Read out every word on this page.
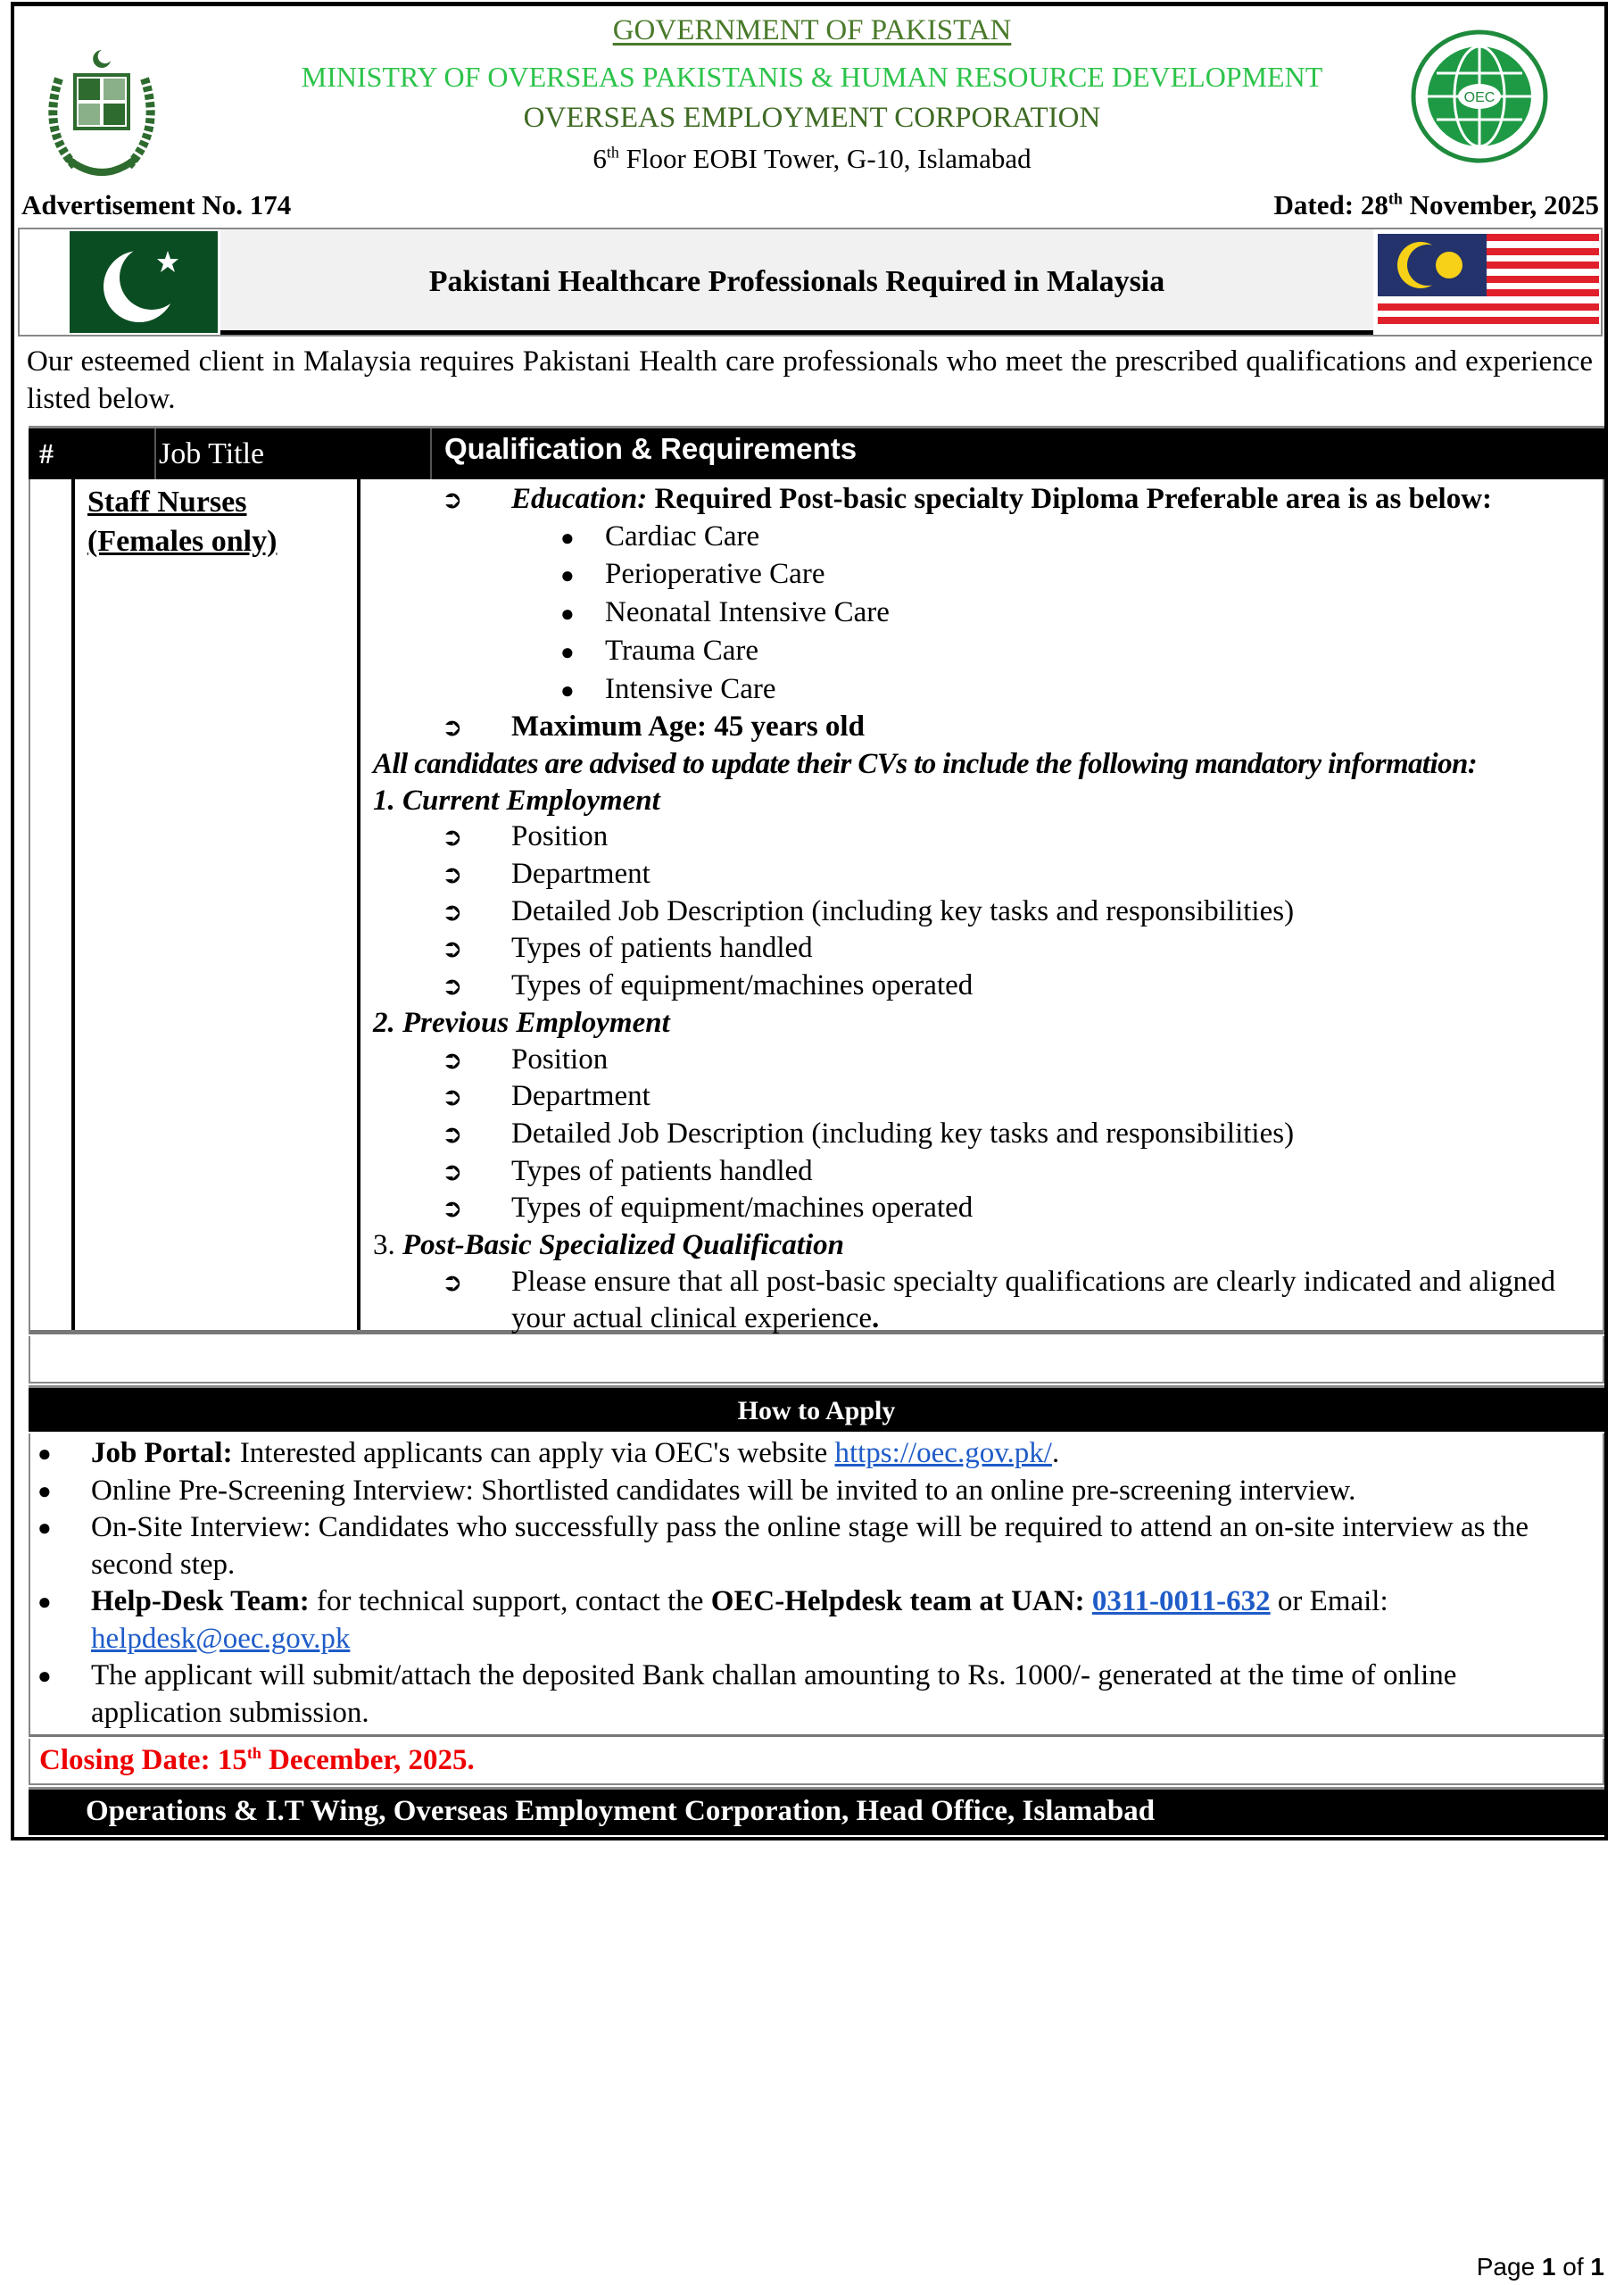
GOVERNMENT OF PAKISTAN
MINISTRY OF OVERSEAS PAKISTANIS & HUMAN RESOURCE DEVELOPMENT
OVERSEAS EMPLOYMENT CORPORATION
6th Floor EOBI Tower, G-10, Islamabad
OEC
Advertisement No. 174	Dated: 28th November, 2025
Pakistani Healthcare Professionals Required in Malaysia
Our esteemed client in Malaysia requires Pakistani Health care professionals who meet the prescribed qualifications and experience listed below.
#	Job Title	Qualification & Requirements
Staff Nurses
(Females only)
➲ Education: Required Post-basic specialty Diploma Preferable area is as below:
● Cardiac Care
● Perioperative Care
● Neonatal Intensive Care
● Trauma Care
● Intensive Care
➲ Maximum Age: 45 years old
All candidates are advised to update their CVs to include the following mandatory information:
1. Current Employment
➲ Position
➲ Department
➲ Detailed Job Description (including key tasks and responsibilities)
➲ Types of patients handled
➲ Types of equipment/machines operated
2. Previous Employment
➲ Position
➲ Department
➲ Detailed Job Description (including key tasks and responsibilities)
➲ Types of patients handled
➲ Types of equipment/machines operated
3. Post-Basic Specialized Qualification
➲ Please ensure that all post-basic specialty qualifications are clearly indicated and aligned
your actual clinical experience.
How to Apply
● Job Portal: Interested applicants can apply via OEC's website https://oec.gov.pk/.
● Online Pre-Screening Interview: Shortlisted candidates will be invited to an online pre-screening interview.
● On-Site Interview: Candidates who successfully pass the online stage will be required to attend an on-site interview as the second step.
● Help-Desk Team: for technical support, contact the OEC-Helpdesk team at UAN: 0311-0011-632 or Email: helpdesk@oec.gov.pk
● The applicant will submit/attach the deposited Bank challan amounting to Rs. 1000/- generated at the time of online application submission.
Closing Date: 15th December, 2025.
Operations & I.T Wing, Overseas Employment Corporation, Head Office, Islamabad
Page 1 of 1
